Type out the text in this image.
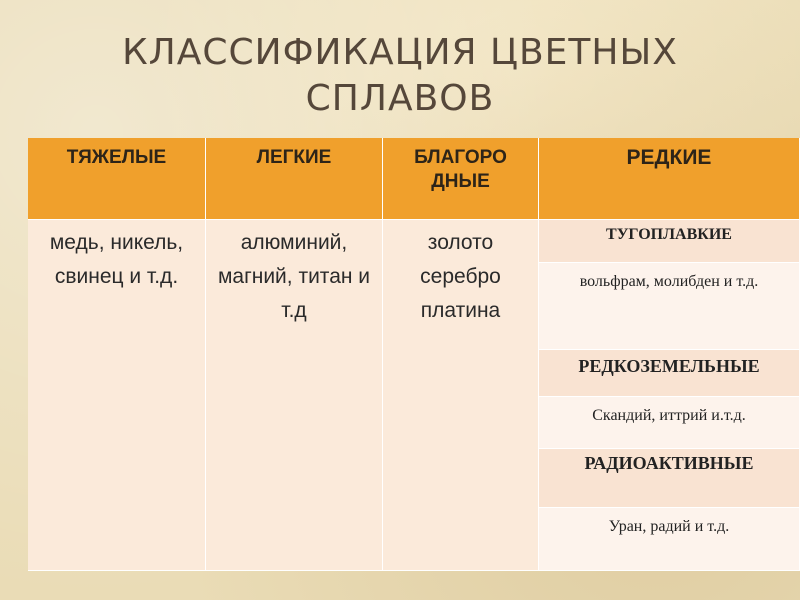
КЛАССИФИКАЦИЯ ЦВЕТНЫХ
СПЛАВОВ
ТЯЖЕЛЫЕ	ЛЕГКИЕ	БЛАГОРО ДНЫЕ
РЕДКИЕ
медь, никель, свинец и т.д.
алюминий, магний, титан и т.д
золото серебро платина
ТУГОПЛАВКИЕ
вольфрам, молибден и т.д.
РЕДКОЗЕМЕЛЬНЫЕ
Скандий, иттрий и.т.д.
РАДИОАКТИВНЫЕ
Уран, радий и т.д.
